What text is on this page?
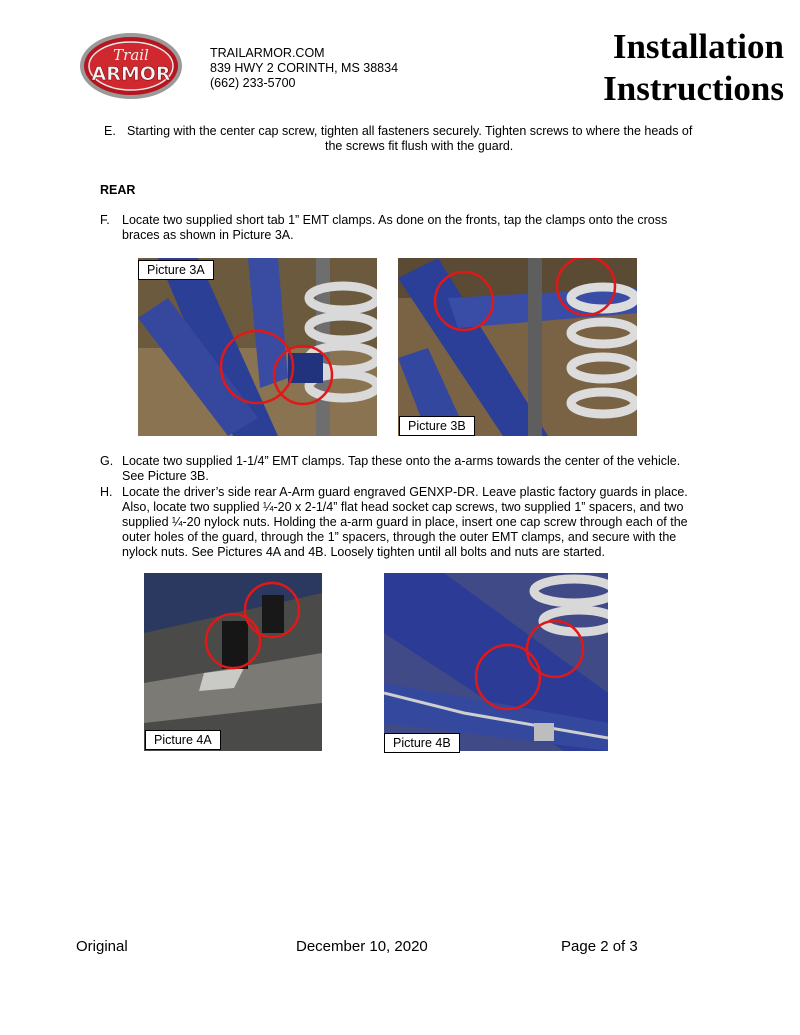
Trail
ARMOR
TRAILARMOR.COM
839 HWY 2 CORINTH, MS 38834
(662) 233-5700
Installation
Instructions
E. Starting with the center cap screw, tighten all fasteners securely. Tighten screws to where the heads of
the screws fit flush with the guard.
REAR
F. Locate two supplied short tab 1” EMT clamps. As done on the fronts, tap the clamps onto the cross
braces as shown in Picture 3A.
Picture 3A
Picture 3B
G. Locate two supplied 1-1/4” EMT clamps. Tap these onto the a-arms towards the center of the vehicle.
See Picture 3B.
H. Locate the driver’s side rear A-Arm guard engraved GENXP-DR. Leave plastic factory guards in place.
Also, locate two supplied ¼-20 x 2-1/4” flat head socket cap screws, two supplied 1” spacers, and two
supplied ¼-20 nylock nuts. Holding the a-arm guard in place, insert one cap screw through each of the
outer holes of the guard, through the 1” spacers, through the outer EMT clamps, and secure with the
nylock nuts. See Pictures 4A and 4B. Loosely tighten until all bolts and nuts are started.
Picture 4A	Picture 4B
Original	December 10, 2020	Page 2 of 3
